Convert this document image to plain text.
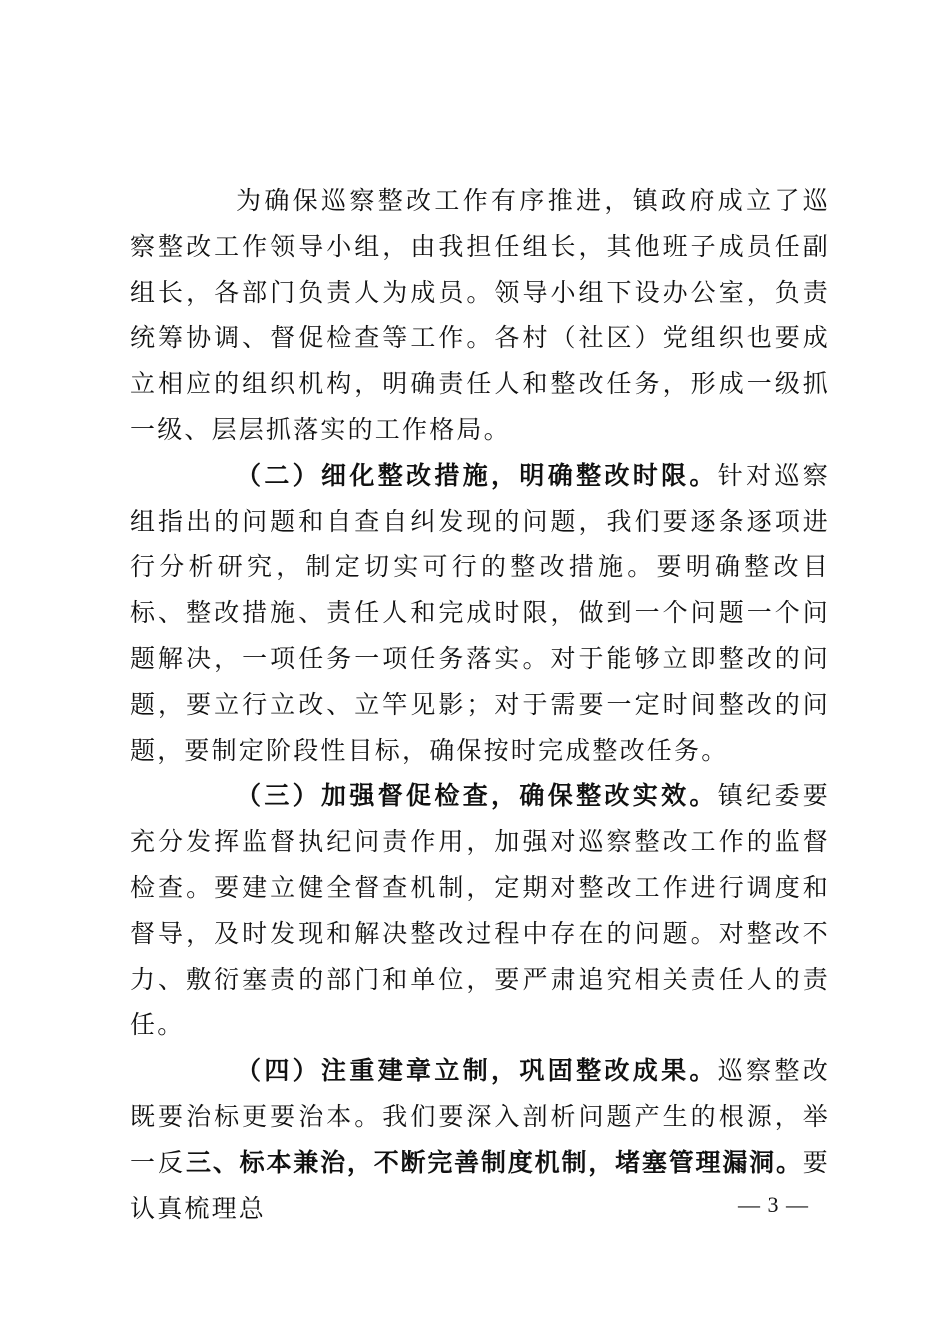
为确保巡察整改工作有序推进，镇政府成立了巡察整改工作领导小组，由我担任组长，其他班子成员任副组长，各部门负责人为成员。领导小组下设办公室，负责统筹协调、督促检查等工作。各村（社区）党组织也要成立相应的组织机构，明确责任人和整改任务，形成一级抓一级、层层抓落实的工作格局。

（二）细化整改措施，明确整改时限。针对巡察组指出的问题和自查自纠发现的问题，我们要逐条逐项进行分析研究，制定切实可行的整改措施。要明确整改目标、整改措施、责任人和完成时限，做到一个问题一个问题解决，一项任务一项任务落实。对于能够立即整改的问题，要立行立改、立竿见影；对于需要一定时间整改的问题，要制定阶段性目标，确保按时完成整改任务。

（三）加强督促检查，确保整改实效。镇纪委要充分发挥监督执纪问责作用，加强对巡察整改工作的监督检查。要建立健全督查机制，定期对整改工作进行调度和督导，及时发现和解决整改过程中存在的问题。对整改不力、敷衍塞责的部门和单位，要严肃追究相关责任人的责任。

（四）注重建章立制，巩固整改成果。巡察整改既要治标更要治本。我们要深入剖析问题产生的根源，举一反三、标本兼治，不断完善制度机制，堵塞管理漏洞。要认真梳理总	— 3 —
